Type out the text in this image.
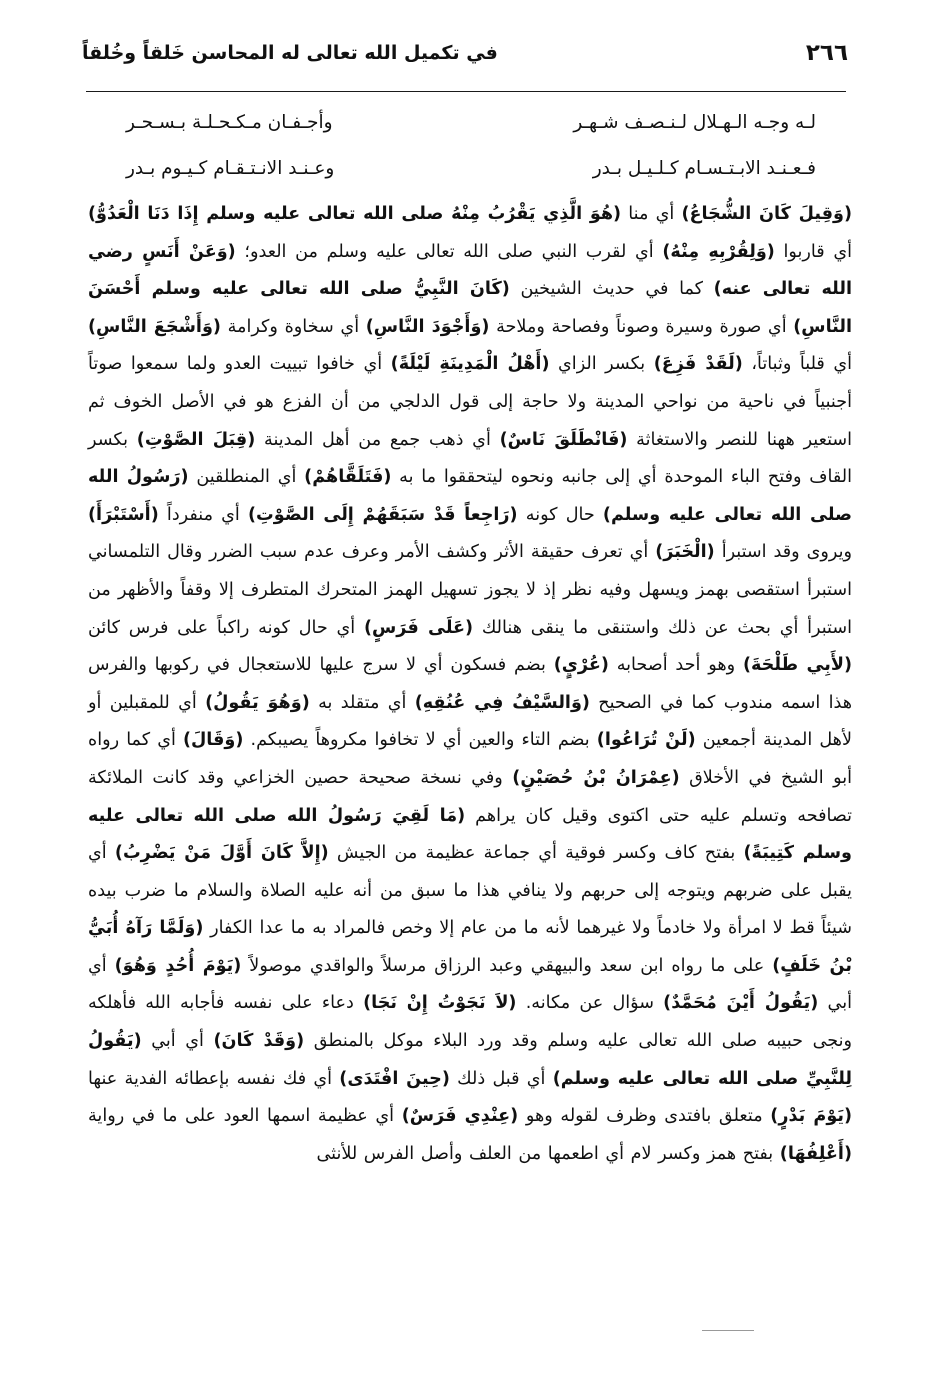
٢٦٦
في تكميل الله تعالى له المحاسن خَلقاً وخُلقاً
لـه وجـه الـهـلال لـنـصـف شـهـر
وأجـفـان مـكـحـلـة بـسـحـر
فـعـنـد الابـتـسـام كـلـيـل بـدر
وعـنـد الانـتـقـام كـيـوم بـدر
(وَقِيلَ كَانَ الشُّجَاعُ) أي منا (هُوَ الَّذِي يَقْرُبُ مِنْهُ صلى الله تعالى عليه وسلم إِذَا دَنَا الْعَدُوُّ) أي قاربوا (وَلِقُرْبِهِ مِنْهُ) أي لقرب النبي صلى الله تعالى عليه وسلم من العدو؛ (وَعَنْ أَنَسٍ رضي الله تعالى عنه) كما في حديث الشيخين (كَانَ النَّبِيُّ صلى الله تعالى عليه وسلم أَحْسَنَ النَّاسِ) أي صورة وسيرة وصوناً وفصاحة وملاحة (وَأَجْوَدَ النَّاسِ) أي سخاوة وكرامة (وَأَشْجَعَ النَّاسِ) أي قلباً وثباتاً، (لَقَدْ فَزِعَ) بكسر الزاي (أَهْلُ الْمَدِينَةِ لَيْلَةً) أي خافوا تبييت العدو ولما سمعوا صوتاً أجنبياً في ناحية من نواحي المدينة ولا حاجة إلى قول الدلجي من أن الفزع هو في الأصل الخوف ثم استعير ههنا للنصر والاستغاثة (فَانْطَلَقَ نَاسٌ) أي ذهب جمع من أهل المدينة (قِبَلَ الصَّوْتِ) بكسر القاف وفتح الباء الموحدة أي إلى جانبه ونحوه ليتحققوا ما به (فَتَلَقَّاهُمْ) أي المنطلقين (رَسُولُ الله صلى الله تعالى عليه وسلم) حال كونه (رَاجِعاً قَدْ سَبَقَهُمْ إِلَى الصَّوْتِ) أي منفرداً (أَسْتَبْرَأَ) ويروى وقد استبرأ (الْخَبَرَ) أي تعرف حقيقة الأثر وكشف الأمر وعرف عدم سبب الضرر وقال التلمساني استبرأ استقصى بهمز ويسهل وفيه نظر إذ لا يجوز تسهيل الهمز المتحرك المتطرف إلا وقفاً والأظهر من استبرأ أي بحث عن ذلك واستنقى ما ينقى هنالك (عَلَى فَرَسٍ) أي حال كونه راكباً على فرس كائن (لأَبِي طَلْحَةَ) وهو أحد أصحابه (عُرْيٍ) بضم فسكون أي لا سرج عليها للاستعجال في ركوبها والفرس هذا اسمه مندوب كما في الصحيح (وَالسَّيْفُ فِي عُنُقِهِ) أي متقلد به (وَهُوَ يَقُولُ) أي للمقبلين أو لأهل المدينة أجمعين (لَنْ تُرَاعُوا) بضم التاء والعين أي لا تخافوا مكروهاً يصيبكم. (وَقَالَ) أي كما رواه أبو الشيخ في الأخلاق (عِمْرَانُ بْنُ حُصَيْنٍ) وفي نسخة صحيحة حصين الخزاعي وقد كانت الملائكة تصافحه وتسلم عليه حتى اكتوى وقيل كان يراهم (مَا لَقِيَ رَسُولُ الله صلى الله تعالى عليه وسلم كَتِيبَةً) بفتح كاف وكسر فوقية أي جماعة عظيمة من الجيش (إِلاَّ كَانَ أَوَّلَ مَنْ يَضْرِبُ) أي يقبل على ضربهم ويتوجه إلى حربهم ولا ينافي هذا ما سبق من أنه عليه الصلاة والسلام ما ضرب بيده شيئاً قط لا امرأة ولا خادماً ولا غيرهما لأنه ما من عام إلا وخص فالمراد به ما عدا الكفار (وَلَمَّا رَآهُ أُبَيُّ بْنُ خَلَفٍ) على ما رواه ابن سعد والبيهقي وعبد الرزاق مرسلاً والواقدي موصولاً (يَوْمَ أُحُدٍ وَهُوَ) أي أبي (يَقُولُ أَيْنَ مُحَمَّدٌ) سؤال عن مكانه. (لاَ نَجَوْتُ إِنْ نَجَا) دعاء على نفسه فأجابه الله فأهلكه ونجى حبيبه صلى الله تعالى عليه وسلم وقد ورد البلاء موكل بالمنطق (وَقَدْ كَانَ) أي أبي (يَقُولُ لِلنَّبِيِّ صلى الله تعالى عليه وسلم) أي قبل ذلك (حِينَ افْتَدَى) أي فك نفسه بإعطائه الفدية عنها (يَوْمَ بَدْرٍ) متعلق بافتدى وظرف لقوله وهو (عِنْدِي فَرَسٌ) أي عظيمة اسمها العود على ما في رواية (أَعْلِفُهَا) بفتح همز وكسر لام أي اطعمها من العلف وأصل الفرس للأنثى
